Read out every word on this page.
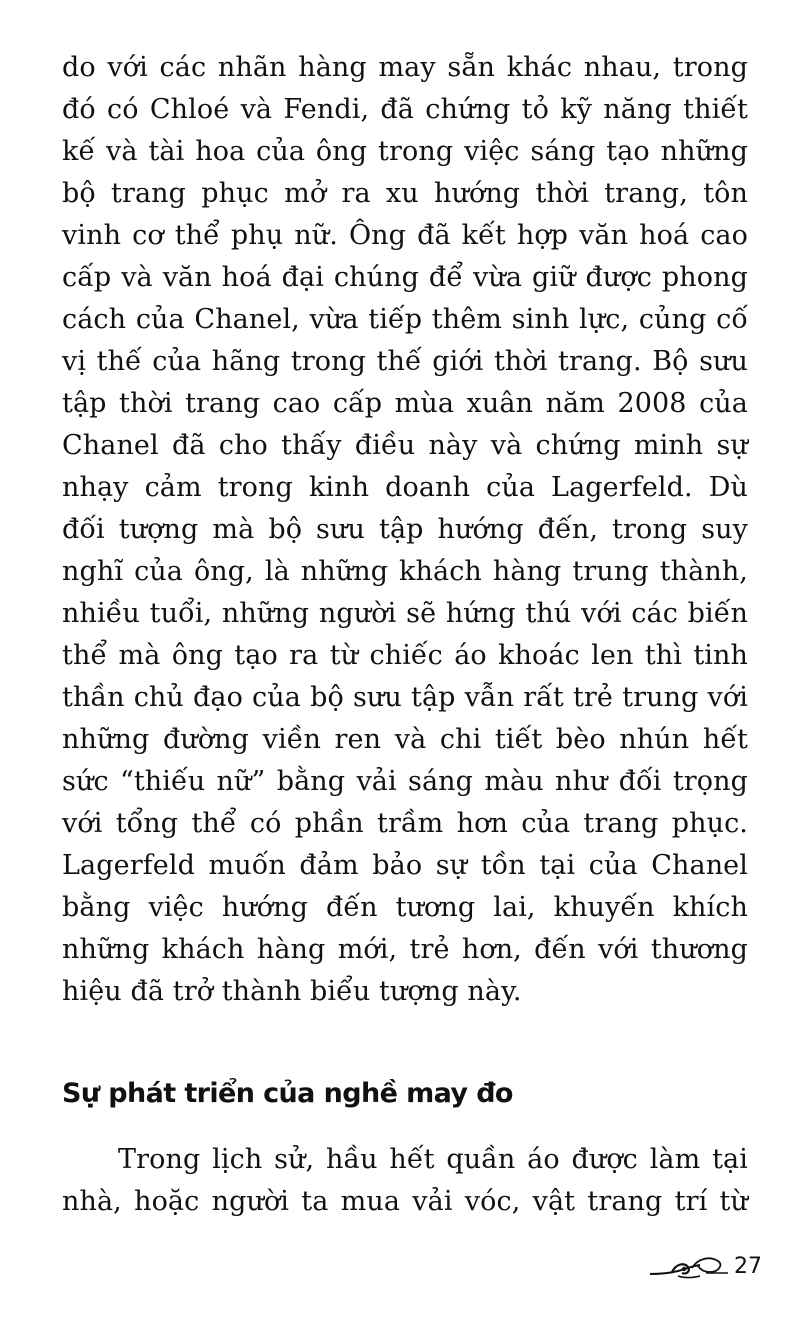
do với các nhãn hàng may sẵn khác nhau, trong
đó có Chloé và Fendi, đã chứng tỏ kỹ năng thiết
kế và tài hoa của ông trong việc sáng tạo những
bộ trang phục mở ra xu hướng thời trang, tôn
vinh cơ thể phụ nữ. Ông đã kết hợp văn hoá cao
cấp và văn hoá đại chúng để vừa giữ được phong
cách của Chanel, vừa tiếp thêm sinh lực, củng cố
vị thế của hãng trong thế giới thời trang. Bộ sưu
tập thời trang cao cấp mùa xuân năm 2008 của
Chanel đã cho thấy điều này và chứng minh sự
nhạy cảm trong kinh doanh của Lagerfeld. Dù
đối tượng mà bộ sưu tập hướng đến, trong suy
nghĩ của ông, là những khách hàng trung thành,
nhiều tuổi, những người sẽ hứng thú với các biến
thể mà ông tạo ra từ chiếc áo khoác len thì tinh
thần chủ đạo của bộ sưu tập vẫn rất trẻ trung với
những đường viền ren và chi tiết bèo nhún hết
sức “thiếu nữ” bằng vải sáng màu như đối trọng
với tổng thể có phần trầm hơn của trang phục.
Lagerfeld muốn đảm bảo sự tồn tại của Chanel
bằng việc hướng đến tương lai, khuyến khích
những khách hàng mới, trẻ hơn, đến với thương
hiệu đã trở thành biểu tượng này.
Sự phát triển của nghề may đo
Trong lịch sử, hầu hết quần áo được làm tại
nhà, hoặc người ta mua vải vóc, vật trang trí từ
27
